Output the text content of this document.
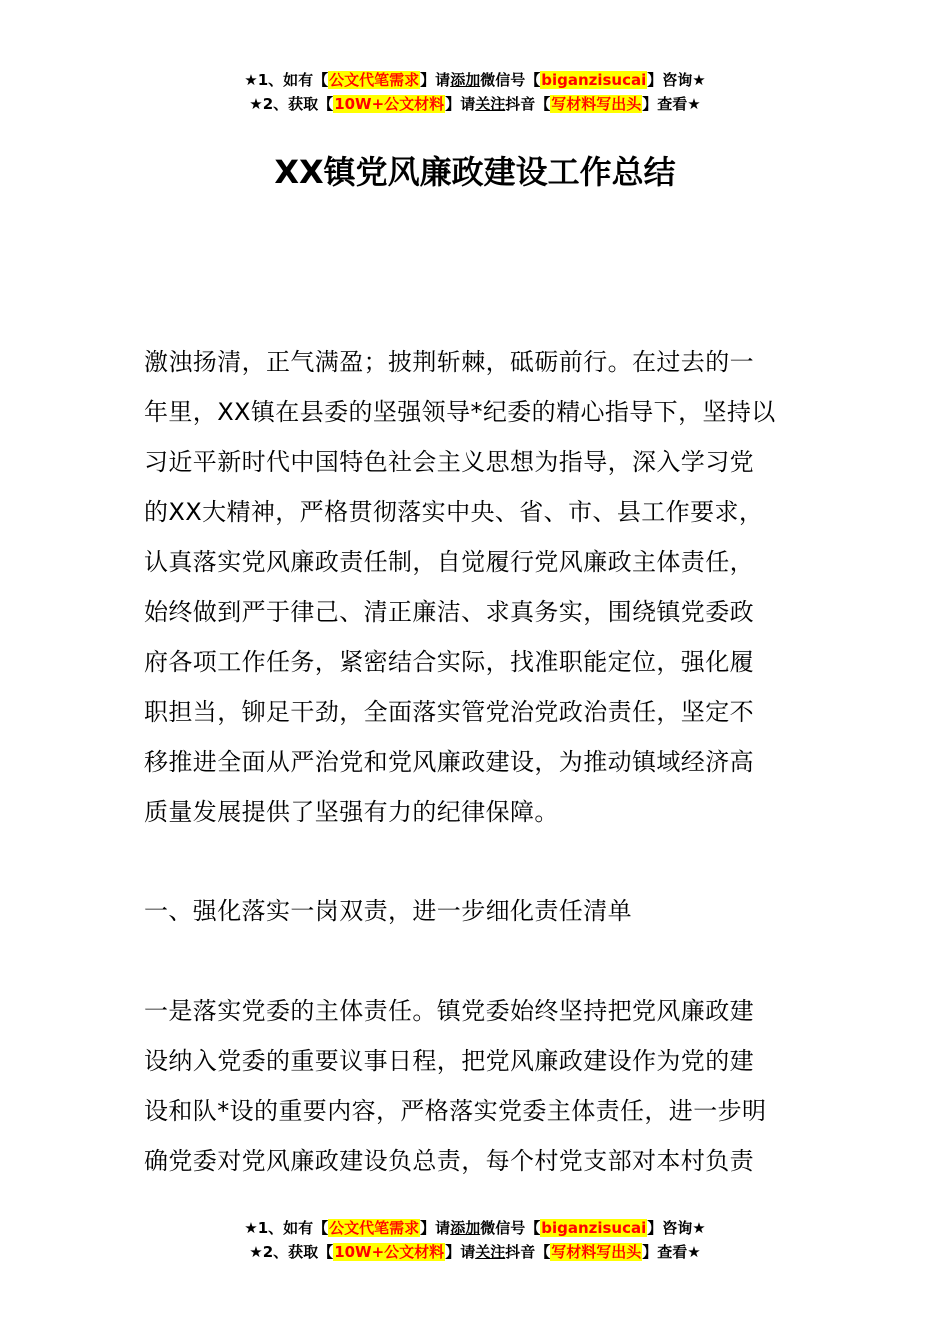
★1、如有【公文代笔需求】请添加微信号【biganzisucai】咨询★
★2、获取【10W+公文材料】请关注抖音【写材料写出头】查看★
XX镇党风廉政建设工作总结
激浊扬清，正气满盈；披荆斩棘，砥砺前行。在过去的一
年里，XX镇在县委的坚强领导*纪委的精心指导下，坚持以
习近平新时代中国特色社会主义思想为指导，深入学习党
的XX大精神，严格贯彻落实中央、省、市、县工作要求，
认真落实党风廉政责任制，自觉履行党风廉政主体责任，
始终做到严于律己、清正廉洁、求真务实，围绕镇党委政
府各项工作任务，紧密结合实际，找准职能定位，强化履
职担当，铆足干劲，全面落实管党治党政治责任，坚定不
移推进全面从严治党和党风廉政建设，为推动镇域经济高
质量发展提供了坚强有力的纪律保障。
一、强化落实一岗双责，进一步细化责任清单
一是落实党委的主体责任。镇党委始终坚持把党风廉政建
设纳入党委的重要议事日程，把党风廉政建设作为党的建
设和队*设的重要内容，严格落实党委主体责任，进一步明
确党委对党风廉政建设负总责，每个村党支部对本村负责
★1、如有【公文代笔需求】请添加微信号【biganzisucai】咨询★
★2、获取【10W+公文材料】请关注抖音【写材料写出头】查看★
